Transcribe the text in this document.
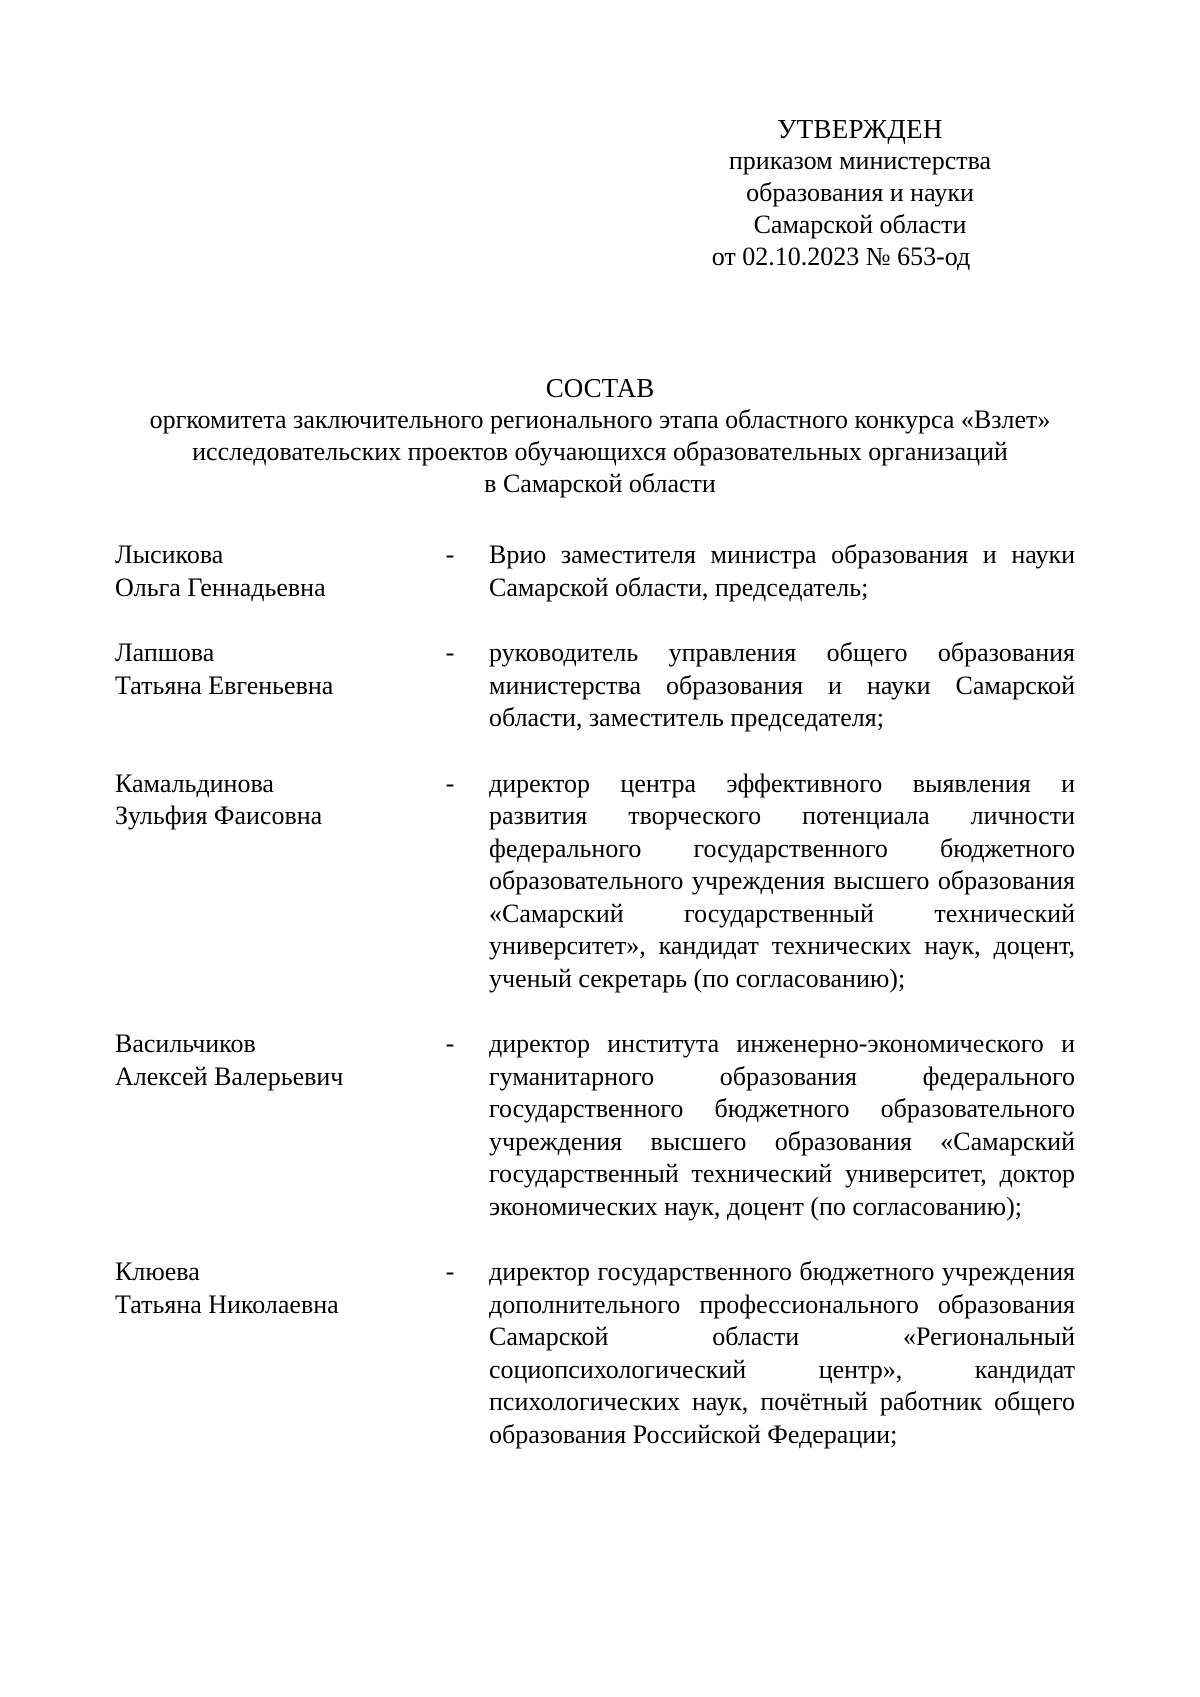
УТВЕРЖДЕН
приказом министерства
образования и науки
Самарской области
от 02.10.2023 № 653-од
СОСТАВ
оргкомитета заключительного регионального этапа областного конкурса «Взлет»
исследовательских проектов обучающихся образовательных организаций
в Самарской области
Лысикова
Ольга Геннадьевна
-	Врио заместителя министра образования и науки Самарской области, председатель;
Лапшова
Татьяна Евгеньевна
-	руководитель управления общего образования министерства образования и науки Самарской области, заместитель председателя;
Камальдинова
Зульфия Фаисовна
-	директор центра эффективного выявления и развития творческого потенциала личности федерального государственного бюджетного образовательного учреждения высшего образования «Самарский государственный технический университет», кандидат технических наук, доцент, ученый секретарь (по согласованию);
Васильчиков
Алексей Валерьевич
-	директор института инженерно-экономического и гуманитарного образования федерального государственного бюджетного образовательного учреждения высшего образования «Самарский государственный технический университет, доктор экономических наук, доцент (по согласованию);
Клюева
Татьяна Николаевна
-	директор государственного бюджетного учреждения дополнительного профессионального образования Самарской области «Региональный социопсихологический центр», кандидат психологических наук, почётный работник общего образования Российской Федерации;
